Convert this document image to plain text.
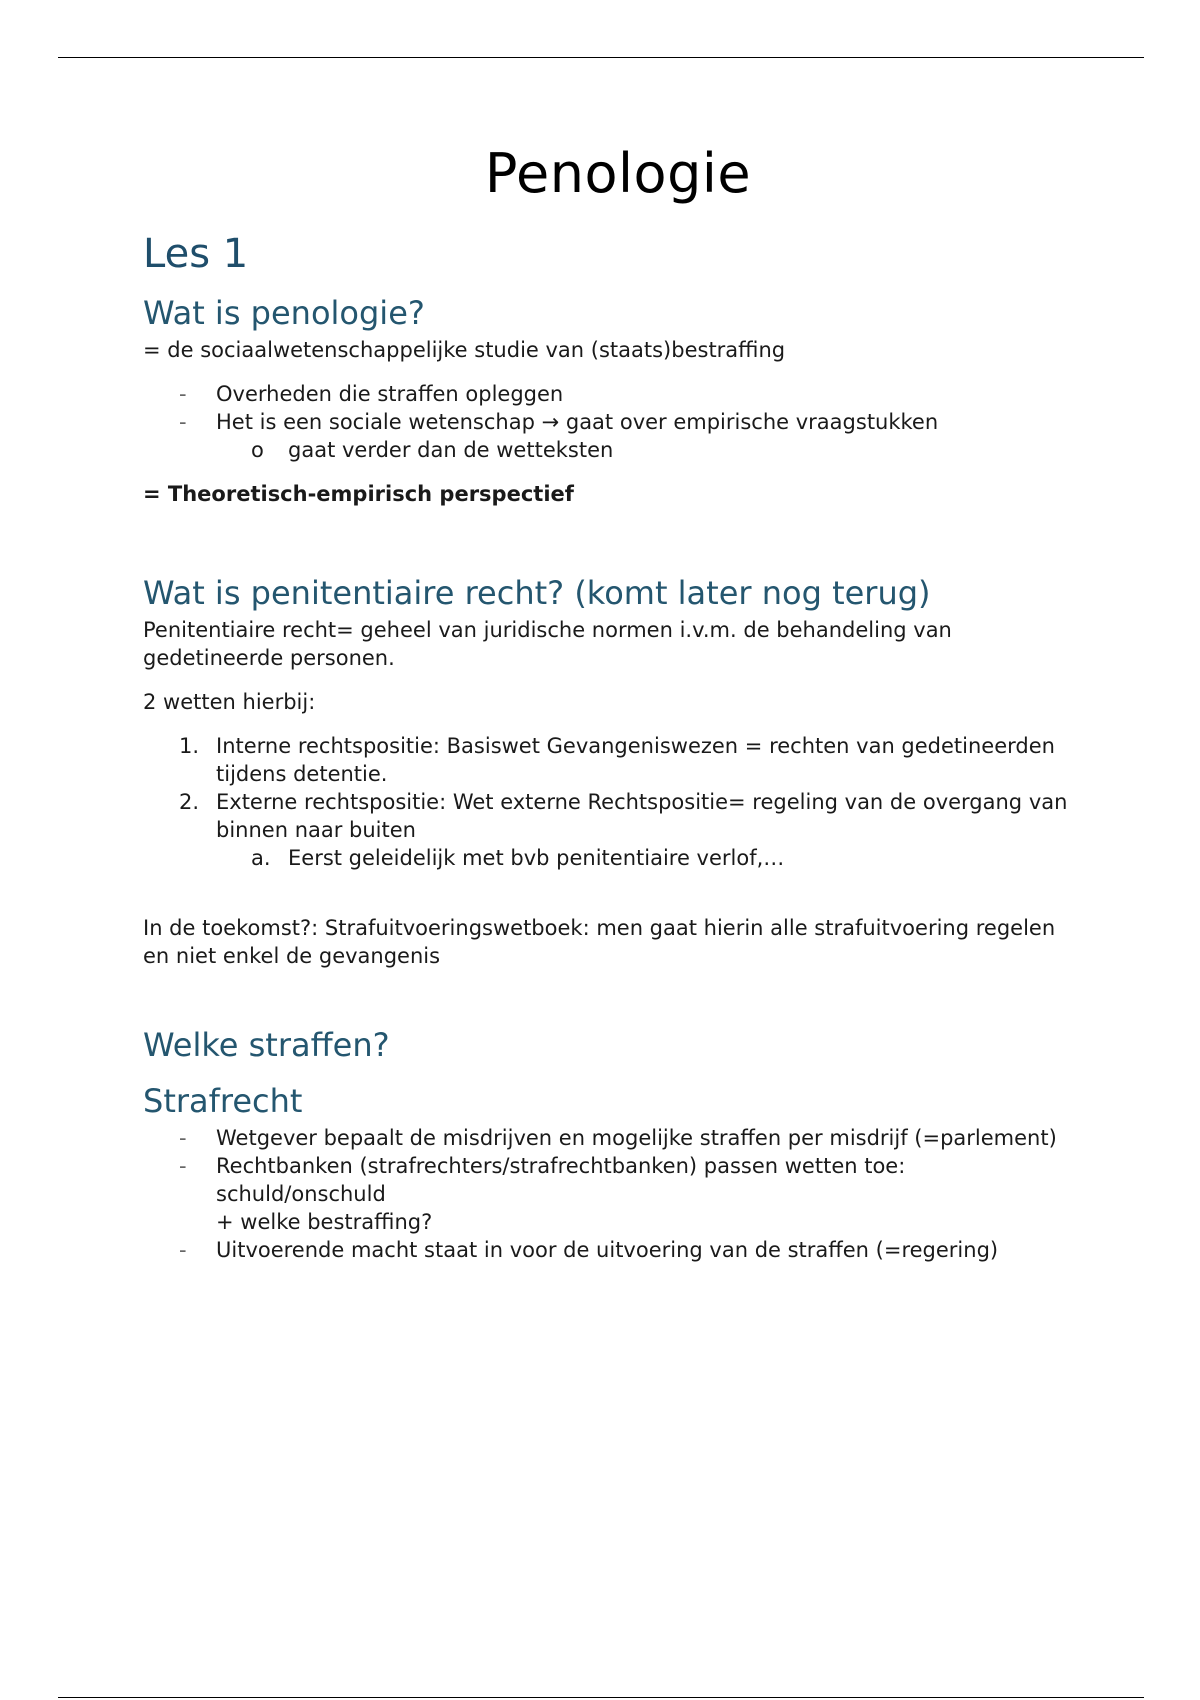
Penologie
Les 1
Wat is penologie?

= de sociaalwetenschappelijke studie van (staats)bestraffing

- Overheden die straffen opleggen
- Het is een sociale wetenschap → gaat over empirische vraagstukken
o gaat verder dan de wetteksten

= Theoretisch-empirisch perspectief

Wat is penitentiaire recht? (komt later nog terug)

Penitentiaire recht= geheel van juridische normen i.v.m. de behandeling van gedetineerde personen.

2 wetten hierbij:

1. Interne rechtspositie: Basiswet Gevangeniswezen = rechten van gedetineerden tijdens detentie.
2. Externe rechtspositie: Wet externe Rechtspositie= regeling van de overgang van binnen naar buiten
a. Eerst geleidelijk met bvb penitentiaire verlof,…

In de toekomst?: Strafuitvoeringswetboek: men gaat hierin alle strafuitvoering regelen en niet enkel de gevangenis

Welke straffen?
Strafrecht
- Wetgever bepaalt de misdrijven en mogelijke straffen per misdrijf (=parlement)
- Rechtbanken (strafrechters/strafrechtbanken) passen wetten toe: schuld/onschuld
+ welke bestraffing?
- Uitvoerende macht staat in voor de uitvoering van de straffen (=regering)
